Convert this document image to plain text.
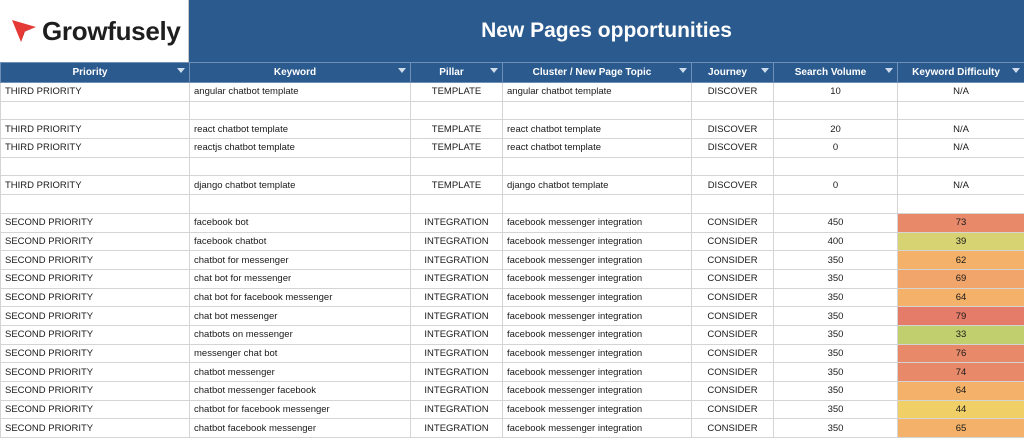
Growfusely	New Pages opportunities
Priority	Keyword	Pillar	Cluster / New Page Topic	Journey	Search Volume	Keyword Difficulty

THIRD PRIORITY	angular chatbot template	TEMPLATE	angular chatbot template	DISCOVER	10	N/A

THIRD PRIORITY	react chatbot template	TEMPLATE	react chatbot template	DISCOVER	20	N/A
THIRD PRIORITY	reactjs chatbot template	TEMPLATE	react chatbot template	DISCOVER	0	N/A

THIRD PRIORITY	django chatbot template	TEMPLATE	django chatbot template	DISCOVER	0	N/A

SECOND PRIORITY	facebook bot	INTEGRATION	facebook messenger integration	CONSIDER	450	73
SECOND PRIORITY	facebook chatbot	INTEGRATION	facebook messenger integration	CONSIDER	400	39
SECOND PRIORITY	chatbot for messenger	INTEGRATION	facebook messenger integration	CONSIDER	350	62
SECOND PRIORITY	chat bot for messenger	INTEGRATION	facebook messenger integration	CONSIDER	350	69
SECOND PRIORITY	chat bot for facebook messenger	INTEGRATION	facebook messenger integration	CONSIDER	350	64
SECOND PRIORITY	chat bot messenger	INTEGRATION	facebook messenger integration	CONSIDER	350	79
SECOND PRIORITY	chatbots on messenger	INTEGRATION	facebook messenger integration	CONSIDER	350	33
SECOND PRIORITY	messenger chat bot	INTEGRATION	facebook messenger integration	CONSIDER	350	76
SECOND PRIORITY	chatbot messenger	INTEGRATION	facebook messenger integration	CONSIDER	350	74
SECOND PRIORITY	chatbot messenger facebook	INTEGRATION	facebook messenger integration	CONSIDER	350	64
SECOND PRIORITY	chatbot for facebook messenger	INTEGRATION	facebook messenger integration	CONSIDER	350	44
SECOND PRIORITY	chatbot facebook messenger	INTEGRATION	facebook messenger integration	CONSIDER	350	65
